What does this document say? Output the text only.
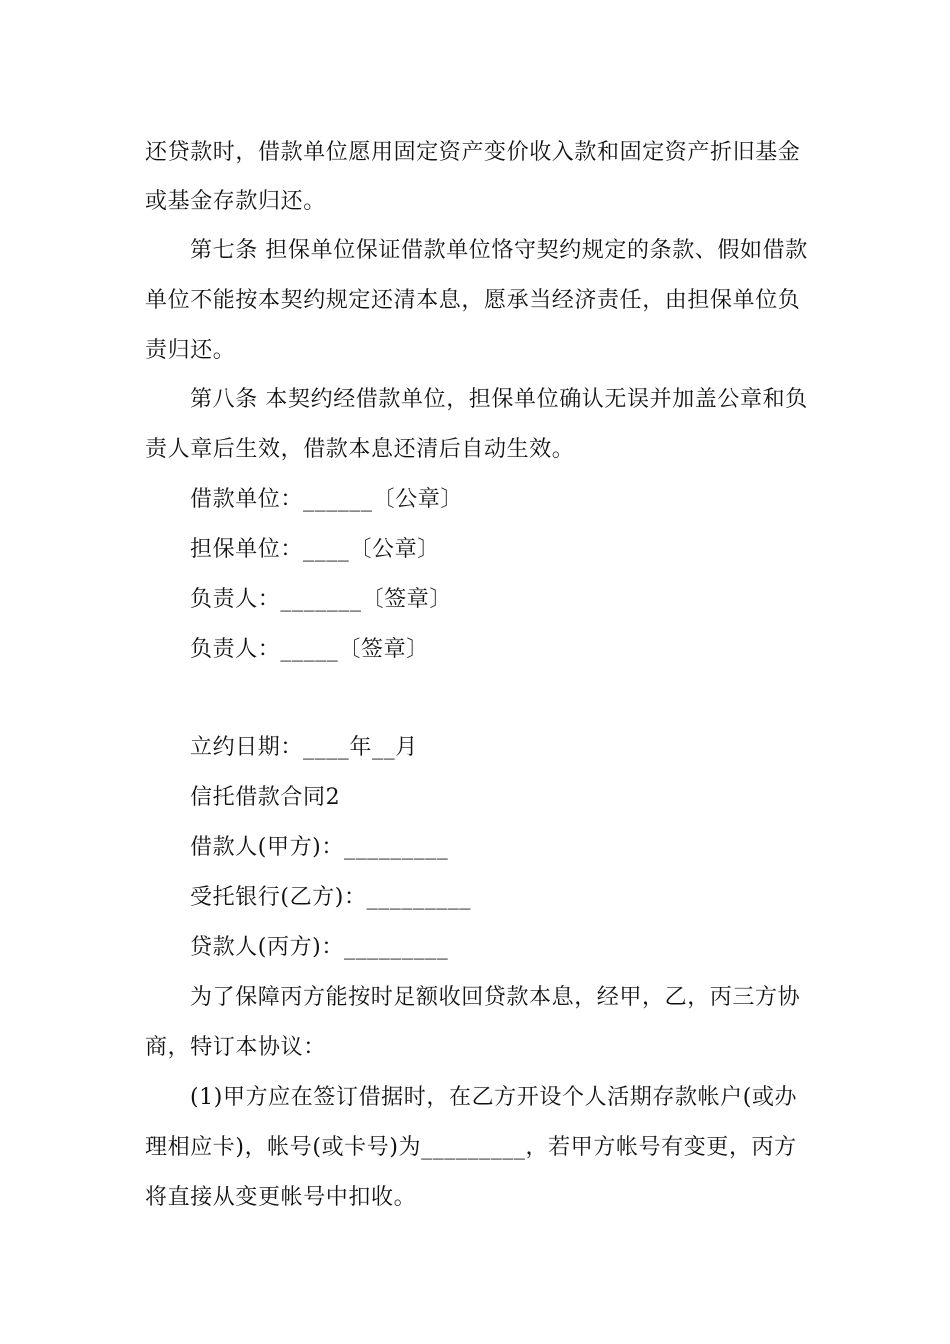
还贷款时，借款单位愿用固定资产变价收入款和固定资产折旧基金
或基金存款归还。
第七条 担保单位保证借款单位恪守契约规定的条款、假如借款
单位不能按本契约规定还清本息，愿承当经济责任，由担保单位负
责归还。
第八条 本契约经借款单位，担保单位确认无误并加盖公章和负
责人章后生效，借款本息还清后自动生效。
借款单位：______〔公章〕
担保单位：____〔公章〕
负责人：_______〔签章〕
负责人：_____〔签章〕
立约日期：____年__月
信托借款合同2
借款人(甲方)：_________
受托银行(乙方)：_________
贷款人(丙方)：_________
为了保障丙方能按时足额收回贷款本息，经甲，乙，丙三方协
商，特订本协议：
(1)甲方应在签订借据时，在乙方开设个人活期存款帐户(或办
理相应卡)，帐号(或卡号)为_________，若甲方帐号有变更，丙方
将直接从变更帐号中扣收。
